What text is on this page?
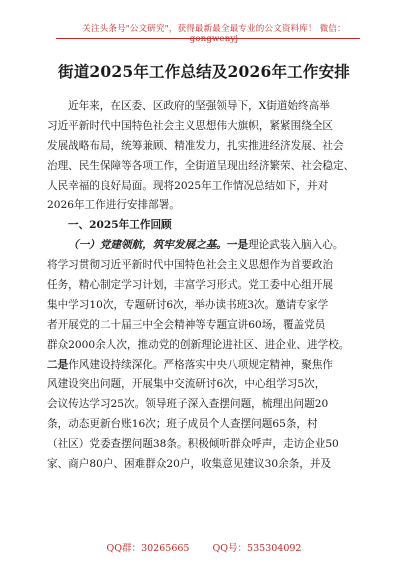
关注头条号"公文研究"，获得最新最全最专业的公文资料库！ 微信：gongwenyj
街道2025年工作总结及2026年工作安排
近年来，在区委、区政府的坚强领导下，X街道始终高举
习近平新时代中国特色社会主义思想伟大旗帜，紧紧围绕全区
发展战略布局，统筹兼顾、精准发力，扎实推进经济发展、社会
治理、民生保障等各项工作，全街道呈现出经济繁荣、社会稳定、
人民幸福的良好局面。现将2025年工作情况总结如下，并对
2026年工作进行安排部署。
一、2025年工作回顾
（一）党建领航，筑牢发展之基。一是理论武装入脑入心。
将学习贯彻习近平新时代中国特色社会主义思想作为首要政治
任务，精心制定学习计划，丰富学习形式。党工委中心组开展
集中学习10次，专题研讨6次，举办读书班3次。邀请专家学
者开展党的二十届三中全会精神等专题宣讲60场，覆盖党员
群众2000余人次，推动党的创新理论进社区、进企业、进学校。
二是作风建设持续深化。严格落实中央八项规定精神，聚焦作
风建设突出问题，开展集中交流研讨6次，中心组学习5次，
会议传达学习25次。领导班子深入查摆问题，梳理出问题20
条，动态更新台账16次；班子成员个人查摆问题65条，村
（社区）党委查摆问题38条。积极倾听群众呼声，走访企业50
家、商户80户、困难群众20户，收集意见建议30余条，并及
QQ群：30265665 QQ号：535304092
